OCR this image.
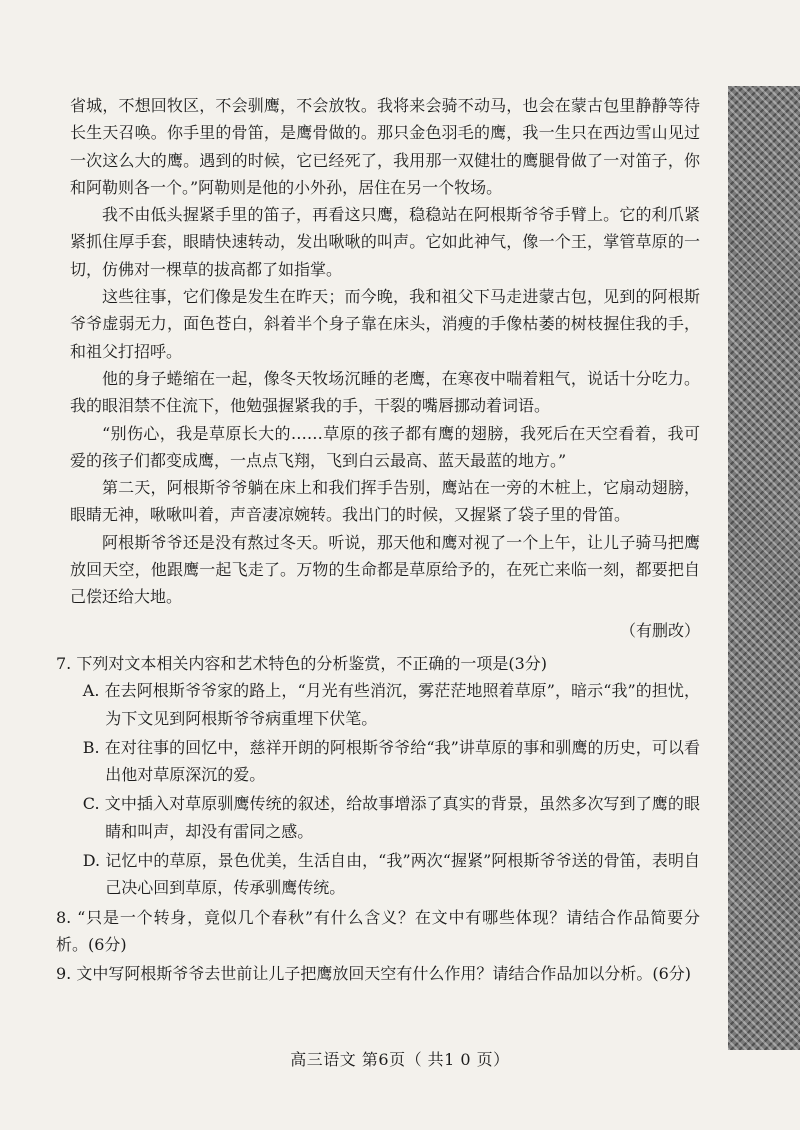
省城，不想回牧区，不会驯鹰，不会放牧。我将来会骑不动马，也会在蒙古包里静静等待长生天召唤。你手里的骨笛，是鹰骨做的。那只金色羽毛的鹰，我一生只在西边雪山见过一次这么大的鹰。遇到的时候，它已经死了，我用那一双健壮的鹰腿骨做了一对笛子，你和阿勒则各一个。”阿勒则是他的小外孙，居住在另一个牧场。

我不由低头握紧手里的笛子，再看这只鹰，稳稳站在阿根斯爷爷手臂上。它的利爪紧紧抓住厚手套，眼睛快速转动，发出啾啾的叫声。它如此神气，像一个王，掌管草原的一切，仿佛对一棵草的拔高都了如指掌。

这些往事，它们像是发生在昨天；而今晚，我和祖父下马走进蒙古包，见到的阿根斯爷爷虚弱无力，面色苍白，斜着半个身子靠在床头，消瘦的手像枯萎的树枝握住我的手，和祖父打招呼。

他的身子蜷缩在一起，像冬天牧场沉睡的老鹰，在寒夜中喘着粗气，说话十分吃力。我的眼泪禁不住流下，他勉强握紧我的手，干裂的嘴唇挪动着词语。

“别伤心，我是草原长大的……草原的孩子都有鹰的翅膀，我死后在天空看着，我可爱的孩子们都变成鹰，一点点飞翔，飞到白云最高、蓝天最蓝的地方。”

第二天，阿根斯爷爷躺在床上和我们挥手告别，鹰站在一旁的木桩上，它扇动翅膀，眼睛无神，啾啾叫着，声音凄凉婉转。我出门的时候，又握紧了袋子里的骨笛。

阿根斯爷爷还是没有熬过冬天。听说，那天他和鹰对视了一个上午，让儿子骑马把鹰放回天空，他跟鹰一起飞走了。万物的生命都是草原给予的，在死亡来临一刻，都要把自己偿还给大地。

（有删改）

7. 下列对文本相关内容和艺术特色的分析鉴赏，不正确的一项是(3分)

A. 在去阿根斯爷爷家的路上，“月光有些消沉，雾茫茫地照着草原”，暗示“我”的担忧，为下文见到阿根斯爷爷病重埋下伏笔。

B. 在对往事的回忆中，慈祥开朗的阿根斯爷爷给“我”讲草原的事和驯鹰的历史，可以看出他对草原深沉的爱。

C. 文中插入对草原驯鹰传统的叙述，给故事增添了真实的背景，虽然多次写到了鹰的眼睛和叫声，却没有雷同之感。

D. 记忆中的草原，景色优美，生活自由，“我”两次“握紧”阿根斯爷爷送的骨笛，表明自己决心回到草原，传承驯鹰传统。

8. “只是一个转身，竟似几个春秋”有什么含义？在文中有哪些体现？请结合作品简要分析。(6分)

9. 文中写阿根斯爷爷去世前让儿子把鹰放回天空有什么作用？请结合作品加以分析。(6分)

高三语文 第6页（ 共1 0 页）
